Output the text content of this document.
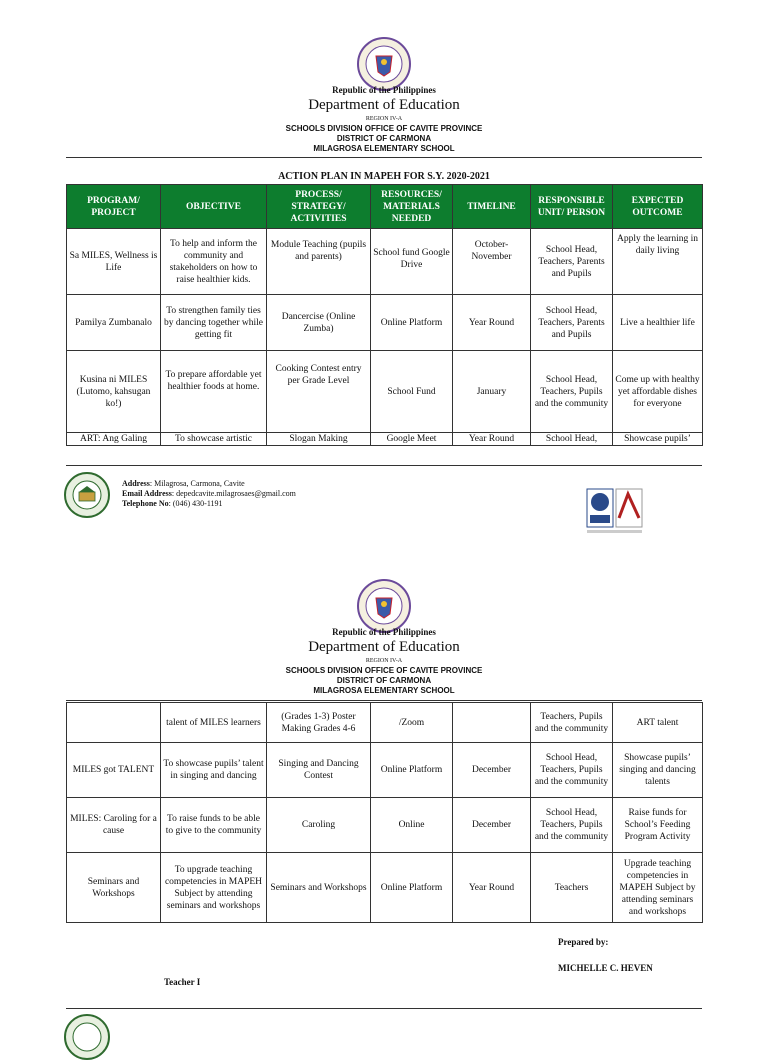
Republic of the Philippines
Department of Education
REGION IV-A
SCHOOLS DIVISION OFFICE OF CAVITE PROVINCE
DISTRICT OF CARMONA
MILAGROSA ELEMENTARY SCHOOL
ACTION PLAN IN MAPEH FOR S.Y. 2020-2021
PROGRAM/ PROJECT	OBJECTIVE	PROCESS/ STRATEGY/ ACTIVITIES	RESOURCES/ MATERIALS NEEDED	TIMELINE	RESPONSIBLE UNIT/ PERSON	EXPECTED OUTCOME
Sa MILES, Wellness is Life	To help and inform the community and stakeholders on how to raise healthier kids.	Module Teaching (pupils and parents)	School fund Google Drive	October-November	School Head, Teachers, Parents and Pupils	Apply the learning in daily living
Pamilya Zumbanalo	To strengthen family ties by dancing together while getting fit	Dancercise (Online Zumba)	Online Platform	Year Round	School Head, Teachers, Parents and Pupils	Live a healthier life
Kusina ni MILES (Lutomo, kahsugan ko!)	To prepare affordable yet healthier foods at home.	Cooking Contest entry per Grade Level	School Fund	January	School Head, Teachers, Pupils and the community	Come up with healthy yet affordable dishes for everyone
ART: Ang Galing	To showcase artistic	Slogan Making	Google Meet	Year Round	School Head,	Showcase pupils’
Address: Milagrosa, Carmona, Cavite
Email Address: depedcavite.milagrosaes@gmail.com
Telephone No: (046) 430-1191
Republic of the Philippines
Department of Education
REGION IV-A
SCHOOLS DIVISION OFFICE OF CAVITE PROVINCE
DISTRICT OF CARMONA
MILAGROSA ELEMENTARY SCHOOL
	talent of MILES learners	(Grades 1-3) Poster Making Grades 4-6	/Zoom		Teachers, Pupils and the community	ART talent
MILES got TALENT	To showcase pupils’ talent in singing and dancing	Singing and Dancing Contest	Online Platform	December	School Head, Teachers, Pupils and the community	Showcase pupils’ singing and dancing talents
MILES: Caroling for a cause	To raise funds to be able to give to the community	Caroling	Online	December	School Head, Teachers, Pupils and the community	Raise funds for School’s Feeding Program Activity
Seminars and Workshops	To upgrade teaching competencies in MAPEH Subject by attending seminars and workshops	Seminars and Workshops	Online Platform	Year Round	Teachers	Upgrade teaching competencies in MAPEH Subject by attending seminars and workshops
Prepared by:
MICHELLE C. HEVEN
Teacher I
